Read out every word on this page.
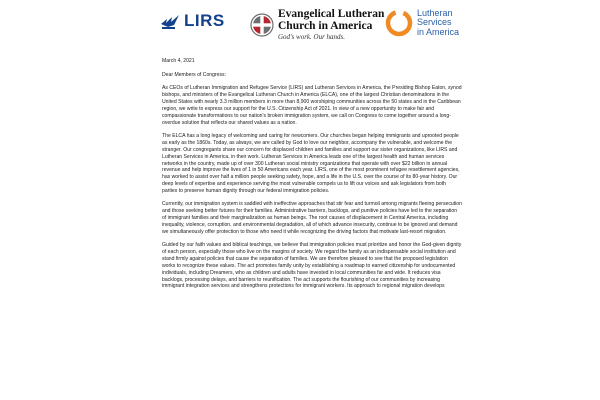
LIRS	Evangelical Lutheran
Church in America
God's work. Our hands.
Lutheran
Services
in America

March 4, 2021

Dear Members of Congress:

As CEOs of Lutheran Immigration and Refugee Service (LIRS) and Lutheran Services in America, the Presiding Bishop Eaton, synod bishops, and ministers of the Evangelical Lutheran Church in America (ELCA), one of the largest Christian denominations in the United States with nearly 3.3 million members in more than 8,900 worshiping communities across the 50 states and in the Caribbean region, we write to express our support for the U.S. Citizenship Act of 2021. In view of a new opportunity to make fair and compassionate transformations to our nation's broken immigration system, we call on Congress to come together around a long-overdue solution that reflects our shared values as a nation.

The ELCA has a long legacy of welcoming and caring for newcomers. Our churches began helping immigrants and uprooted people as early as the 1860s. Today, as always, we are called by God to love our neighbor, accompany the vulnerable, and welcome the stranger. Our congregants share our concern for displaced children and families and support our sister organizations, like LIRS and Lutheran Services in America, in their work. Lutheran Services in America leads one of the largest health and human services networks in the country, made up of over 300 Lutheran social ministry organizations that operate with over $22 billion in annual revenue and help improve the lives of 1 in 50 Americans each year. LIRS, one of the most prominent refugee resettlement agencies, has worked to assist over half a million people seeking safety, hope, and a life in the U.S. over the course of its 80-year history. Our deep levels of expertise and experience serving the most vulnerable compels us to lift our voices and ask legislators from both parties to preserve human dignity through our federal immigration policies.

Currently, our immigration system is saddled with ineffective approaches that stir fear and turmoil among migrants fleeing persecution and those seeking better futures for their families. Administrative barriers, backlogs, and punitive policies have led to the separation of immigrant families and their marginalization as human beings. The root causes of displacement in Central America, including inequality, violence, corruption, and environmental degradation, all of which advance insecurity, continue to be ignored and demand we simultaneously offer protection to those who need it while recognizing the driving factors that motivate last-resort migration.

Guided by our faith values and biblical teachings, we believe that immigration policies must prioritize and honor the God-given dignity of each person, especially those who live on the margins of society. We regard the family as an indispensable social institution and stand firmly against policies that cause the separation of families. We are therefore pleased to see that the proposed legislation works to recognize these values. The act promotes family unity by establishing a roadmap to earned citizenship for undocumented individuals, including Dreamers, who as children and adults have invested in local communities far and wide. It reduces visa backlogs, processing delays, and barriers to reunification. The act supports the flourishing of our communities by increasing immigrant integration services and strengthens protections for immigrant workers. Its approach to regional migration develops
